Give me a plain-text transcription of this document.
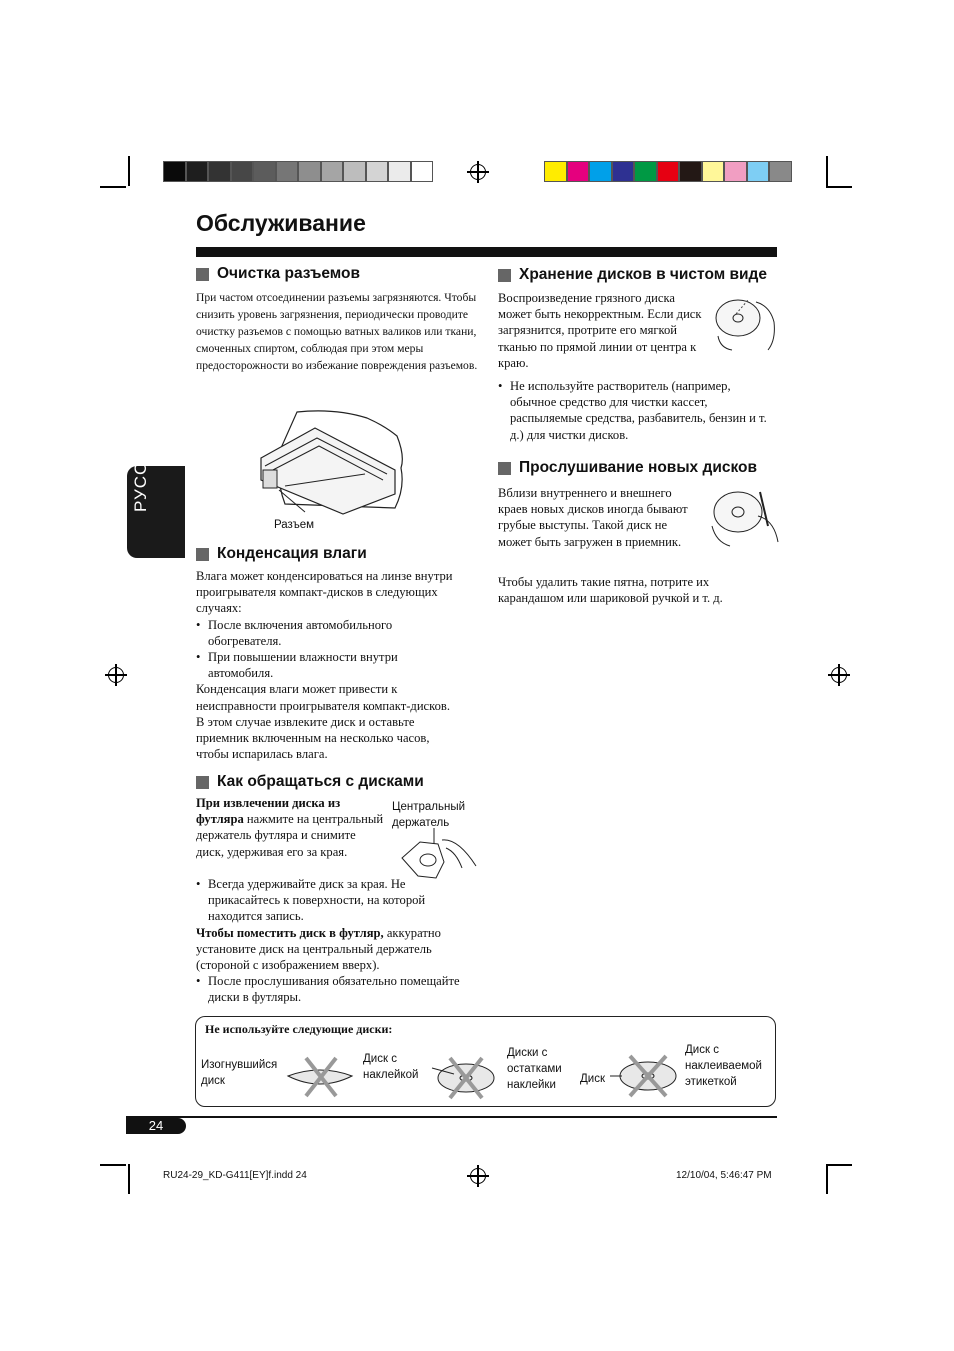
Обслуживание
РУССКИЙ
Очистка разъемов
При частом отсоединении разъемы загрязняются. Чтобы снизить уровень загрязнения, периодически проводите очистку разъемов с помощью ватных валиков или ткани, смоченных спиртом, соблюдая при этом меры предосторожности во избежание повреждения разъемов.
Разъем
Конденсация влаги
Влага может конденсироваться на линзе внутри проигрывателя компакт-дисков в следующих случаях:
• После включения автомобильного обогревателя.
• При повышении влажности внутри автомобиля.
Конденсация влаги может привести к неисправности проигрывателя компакт-дисков. В этом случае извлеките диск и оставьте приемник включенным на несколько часов, чтобы испарилась влага.
Как обращаться с дисками
При извлечении диска из футляра нажмите на центральный держатель футляра и снимите диск, удерживая его за края.
Центральный
держатель
• Всегда удерживайте диск за края. Не прикасайтесь к поверхности, на которой находится запись.
Чтобы поместить диск в футляр, аккуратно установите диск на центральный держатель (стороной с изображением вверх).
• После прослушивания обязательно помещайте диски в футляры.
Хранение дисков в чистом виде
Воспроизведение грязного диска может быть некорректным. Если диск загрязнится, протрите его мягкой тканью по прямой линии от центра к краю.
• Не используйте растворитель (например, обычное средство для чистки кассет, распыляемые средства, разбавитель, бензин и т. д.) для чистки дисков.
Прослушивание новых дисков
Вблизи внутреннего и внешнего краев новых дисков иногда бывают грубые выступы. Такой диск не может быть загружен в приемник.
Чтобы удалить такие пятна, потрите их карандашом или шариковой ручкой и т. д.
Не используйте следующие диски:
Изогнувшийся
диск
Диск с
наклейкой
Диски с
остатками
наклейки Диск
Диск с
наклеиваемой
этикеткой
24
RU24-29_KD-G411[EY]f.indd 24	12/10/04, 5:46:47 PM
